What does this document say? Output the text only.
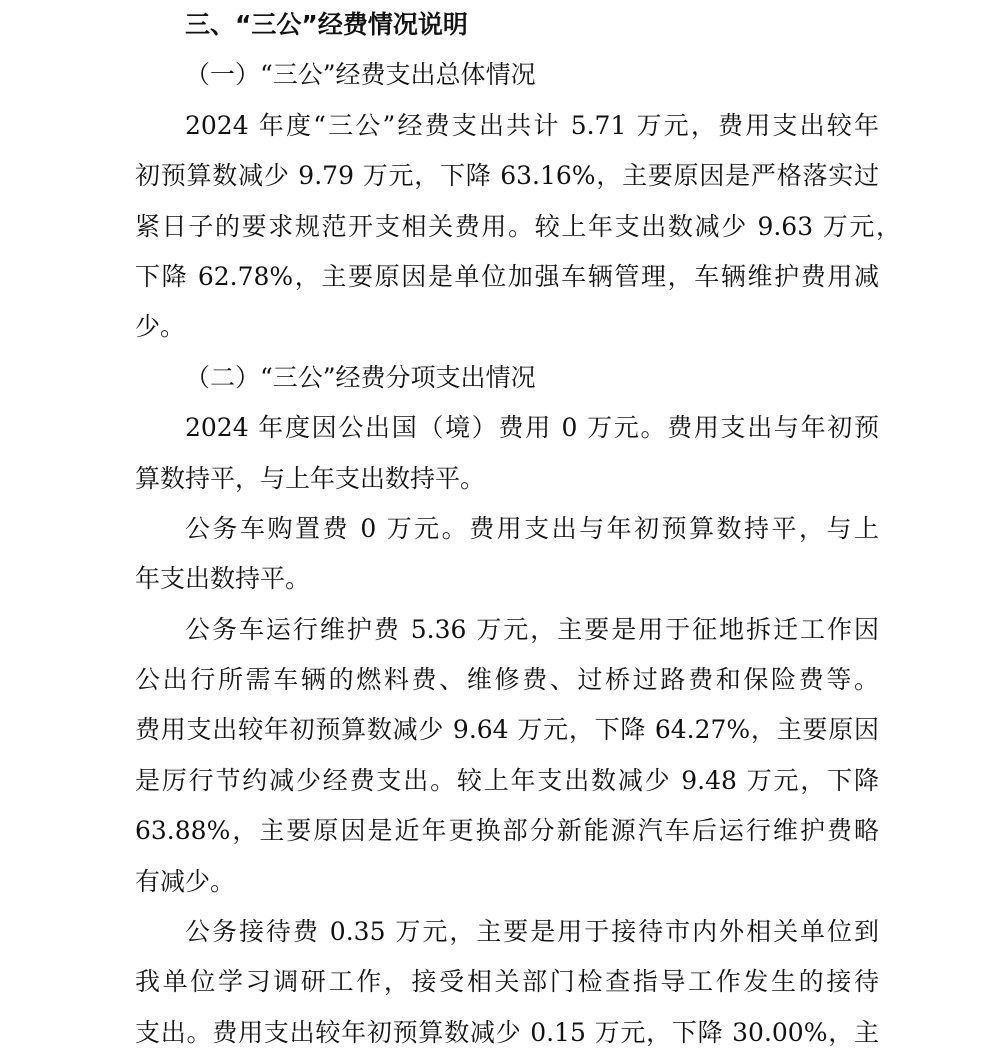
三、“三公”经费情况说明
（一）“三公”经费支出总体情况
2024 年度“三公”经费支出共计 5.71 万元，费用支出较年
初预算数减少 9.79 万元，下降 63.16%，主要原因是严格落实过
紧日子的要求规范开支相关费用。较上年支出数减少 9.63 万元，
下降 62.78%，主要原因是单位加强车辆管理，车辆维护费用减
少。
（二）“三公”经费分项支出情况
2024 年度因公出国（境）费用 0 万元。费用支出与年初预
算数持平，与上年支出数持平。
公务车购置费 0 万元。费用支出与年初预算数持平，与上
年支出数持平。
公务车运行维护费 5.36 万元，主要是用于征地拆迁工作因
公出行所需车辆的燃料费、维修费、过桥过路费和保险费等。
费用支出较年初预算数减少 9.64 万元，下降 64.27%，主要原因
是厉行节约减少经费支出。较上年支出数减少 9.48 万元，下降
63.88%，主要原因是近年更换部分新能源汽车后运行维护费略
有减少。
公务接待费 0.35 万元，主要是用于接待市内外相关单位到
我单位学习调研工作，接受相关部门检查指导工作发生的接待
支出。费用支出较年初预算数减少 0.15 万元，下降 30.00%，主
